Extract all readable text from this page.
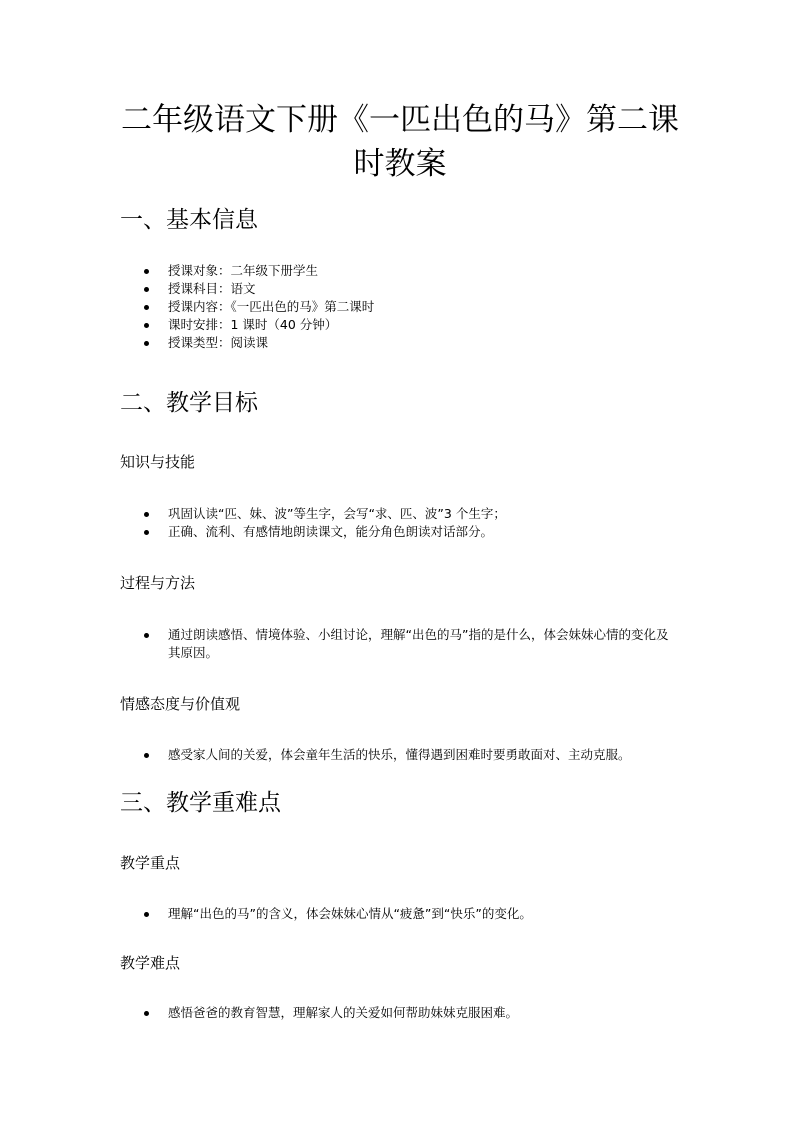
二年级语文下册《一匹出色的马》第二课时教案
一、基本信息
授课对象：二年级下册学生
授课科目：语文
授课内容：《一匹出色的马》第二课时
课时安排：1 课时（40 分钟）
授课类型：阅读课
二、教学目标
知识与技能
巩固认读“匹、妹、波”等生字，会写“求、匹、波”3 个生字；
正确、流利、有感情地朗读课文，能分角色朗读对话部分。
过程与方法
通过朗读感悟、情境体验、小组讨论，理解“出色的马”指的是什么，体会妹妹心情的变化及其原因。
情感态度与价值观
感受家人间的关爱，体会童年生活的快乐，懂得遇到困难时要勇敢面对、主动克服。
三、教学重难点
教学重点
理解“出色的马”的含义，体会妹妹心情从“疲惫”到“快乐”的变化。
教学难点
感悟爸爸的教育智慧，理解家人的关爱如何帮助妹妹克服困难。
